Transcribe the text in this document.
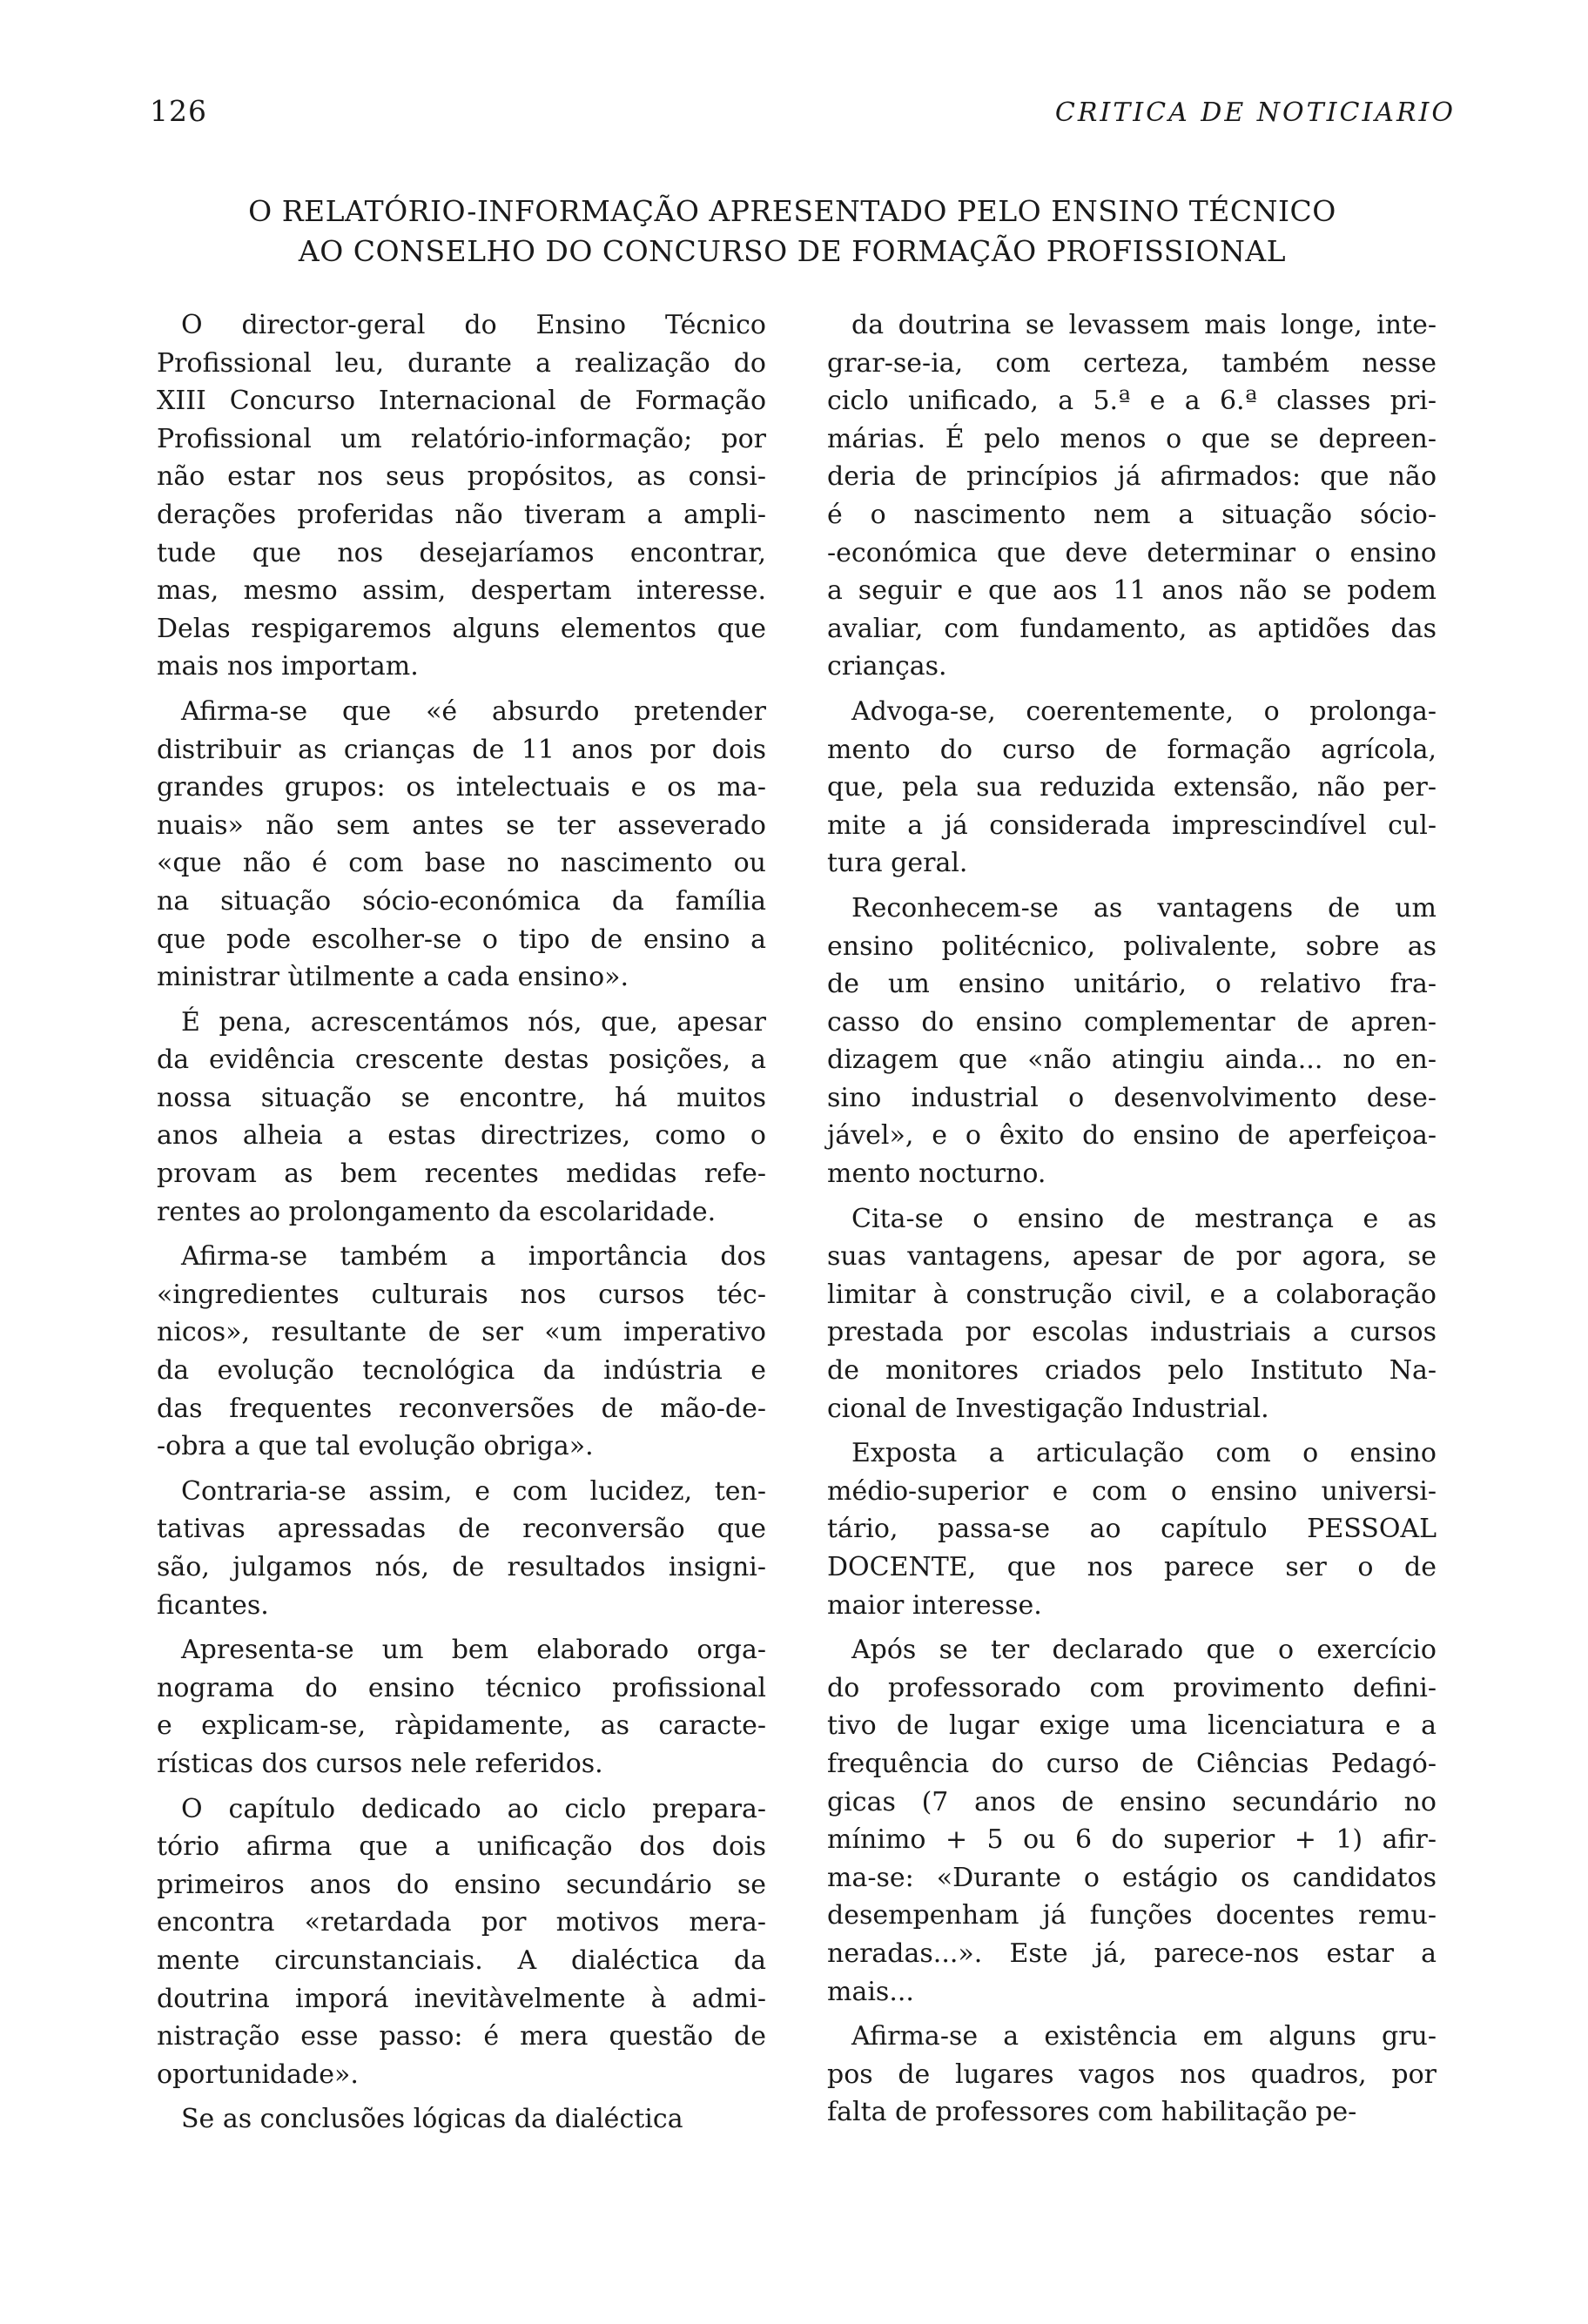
126	CRITICA DE NOTICIARIO
O RELATÓRIO-INFORMAÇÃO APRESENTADO PELO ENSINO TÉCNICO
AO CONSELHO DO CONCURSO DE FORMAÇÃO PROFISSIONAL
O director-geral do Ensino Técnico
Profissional leu, durante a realização do
XIII Concurso Internacional de Formação
Profissional um relatório-informação; por
não estar nos seus propósitos, as consi-
derações proferidas não tiveram a ampli-
tude que nos desejaríamos encontrar,
mas, mesmo assim, despertam interesse.
Delas respigaremos alguns elementos que
mais nos importam.
Afirma-se que «é absurdo pretender
distribuir as crianças de 11 anos por dois
grandes grupos: os intelectuais e os ma-
nuais» não sem antes se ter asseverado
«que não é com base no nascimento ou
na situação sócio-económica da família
que pode escolher-se o tipo de ensino a
ministrar ùtilmente a cada ensino».
É pena, acrescentámos nós, que, apesar
da evidência crescente destas posições, a
nossa situação se encontre, há muitos
anos alheia a estas directrizes, como o
provam as bem recentes medidas refe-
rentes ao prolongamento da escolaridade.
Afirma-se também a importância dos
«ingredientes culturais nos cursos téc-
nicos», resultante de ser «um imperativo
da evolução tecnológica da indústria e
das frequentes reconversões de mão-de-
-obra a que tal evolução obriga».
Contraria-se assim, e com lucidez, ten-
tativas apressadas de reconversão que
são, julgamos nós, de resultados insigni-
ficantes.
Apresenta-se um bem elaborado orga-
nograma do ensino técnico profissional
e explicam-se, ràpidamente, as caracte-
rísticas dos cursos nele referidos.
O capítulo dedicado ao ciclo prepara-
tório afirma que a unificação dos dois
primeiros anos do ensino secundário se
encontra «retardada por motivos mera-
mente circunstanciais. A dialéctica da
doutrina imporá inevitàvelmente à admi-
nistração esse passo: é mera questão de
oportunidade».
Se as conclusões lógicas da dialéctica
da doutrina se levassem mais longe, inte-
grar-se-ia, com certeza, também nesse
ciclo unificado, a 5.ª e a 6.ª classes pri-
márias. É pelo menos o que se depreen-
deria de princípios já afirmados: que não
é o nascimento nem a situação sócio-
-económica que deve determinar o ensino
a seguir e que aos 11 anos não se podem
avaliar, com fundamento, as aptidões das
crianças.
Advoga-se, coerentemente, o prolonga-
mento do curso de formação agrícola,
que, pela sua reduzida extensão, não per-
mite a já considerada imprescindível cul-
tura geral.
Reconhecem-se as vantagens de um
ensino politécnico, polivalente, sobre as
de um ensino unitário, o relativo fra-
casso do ensino complementar de apren-
dizagem que «não atingiu ainda... no en-
sino industrial o desenvolvimento dese-
jável», e o êxito do ensino de aperfeiçoa-
mento nocturno.
Cita-se o ensino de mestrança e as
suas vantagens, apesar de por agora, se
limitar à construção civil, e a colaboração
prestada por escolas industriais a cursos
de monitores criados pelo Instituto Na-
cional de Investigação Industrial.
Exposta a articulação com o ensino
médio-superior e com o ensino universi-
tário, passa-se ao capítulo PESSOAL
DOCENTE, que nos parece ser o de
maior interesse.
Após se ter declarado que o exercício
do professorado com provimento defini-
tivo de lugar exige uma licenciatura e a
frequência do curso de Ciências Pedagó-
gicas (7 anos de ensino secundário no
mínimo + 5 ou 6 do superior + 1) afir-
ma-se: «Durante o estágio os candidatos
desempenham já funções docentes remu-
neradas...». Este já, parece-nos estar a
mais...
Afirma-se a existência em alguns gru-
pos de lugares vagos nos quadros, por
falta de professores com habilitação pe-
